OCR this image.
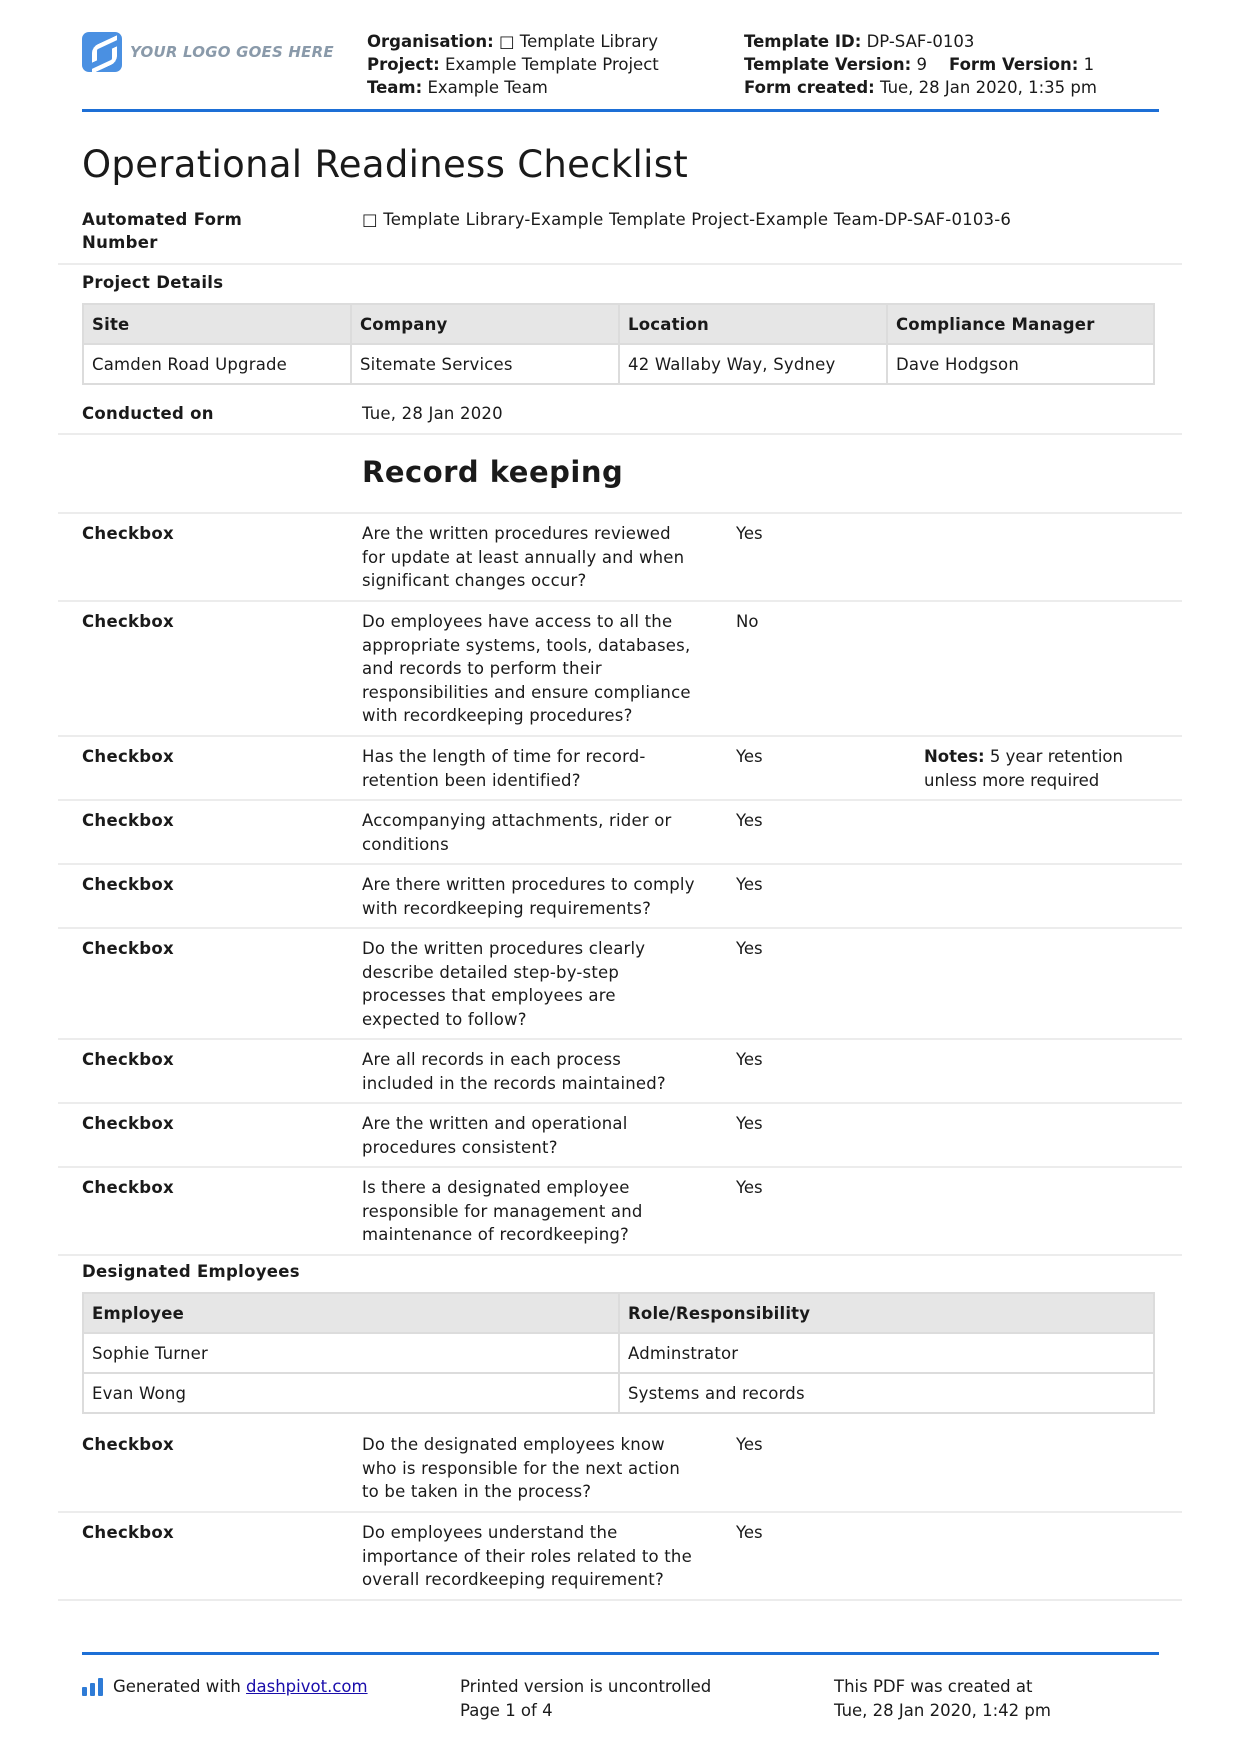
YOUR LOGO GOES HERE
Organisation: □ Template Library
Project: Example Template Project
Team: Example Team
Template ID: DP-SAF-0103
Template Version: 9 Form Version: 1
Form created: Tue, 28 Jan 2020, 1:35 pm
Operational Readiness Checklist
Automated Form
Number
□ Template Library-Example Template Project-Example Team-DP-SAF-0103-6
Project Details
Site	Company	Location	Compliance Manager
Camden Road Upgrade	Sitemate Services	42 Wallaby Way, Sydney	Dave Hodgson
Conducted on	Tue, 28 Jan 2020
Record keeping
Checkbox	Are the written procedures reviewed
for update at least annually and when
significant changes occur?
Yes
Checkbox	Do employees have access to all the
appropriate systems, tools, databases,
and records to perform their
responsibilities and ensure compliance
with recordkeeping procedures?
No
Checkbox	Has the length of time for record-
retention been identified?
Yes	Notes: 5 year retention
unless more required
Checkbox	Accompanying attachments, rider or
conditions
Yes
Checkbox	Are there written procedures to comply
with recordkeeping requirements?
Yes
Checkbox	Do the written procedures clearly
describe detailed step-by-step
processes that employees are
expected to follow?
Yes
Checkbox	Are all records in each process
included in the records maintained?
Yes
Checkbox	Are the written and operational
procedures consistent?
Yes
Checkbox	Is there a designated employee
responsible for management and
maintenance of recordkeeping?
Yes
Designated Employees
Employee	Role/Responsibility
Sophie Turner	Adminstrator
Evan Wong	Systems and records
Checkbox	Do the designated employees know
who is responsible for the next action
to be taken in the process?
Yes
Checkbox	Do employees understand the
importance of their roles related to the
overall recordkeeping requirement?
Yes
Generated with
dashpivot.com	Printed version is uncontrolled
Page 1 of 4
This PDF was created at
Tue, 28 Jan 2020, 1:42 pm
